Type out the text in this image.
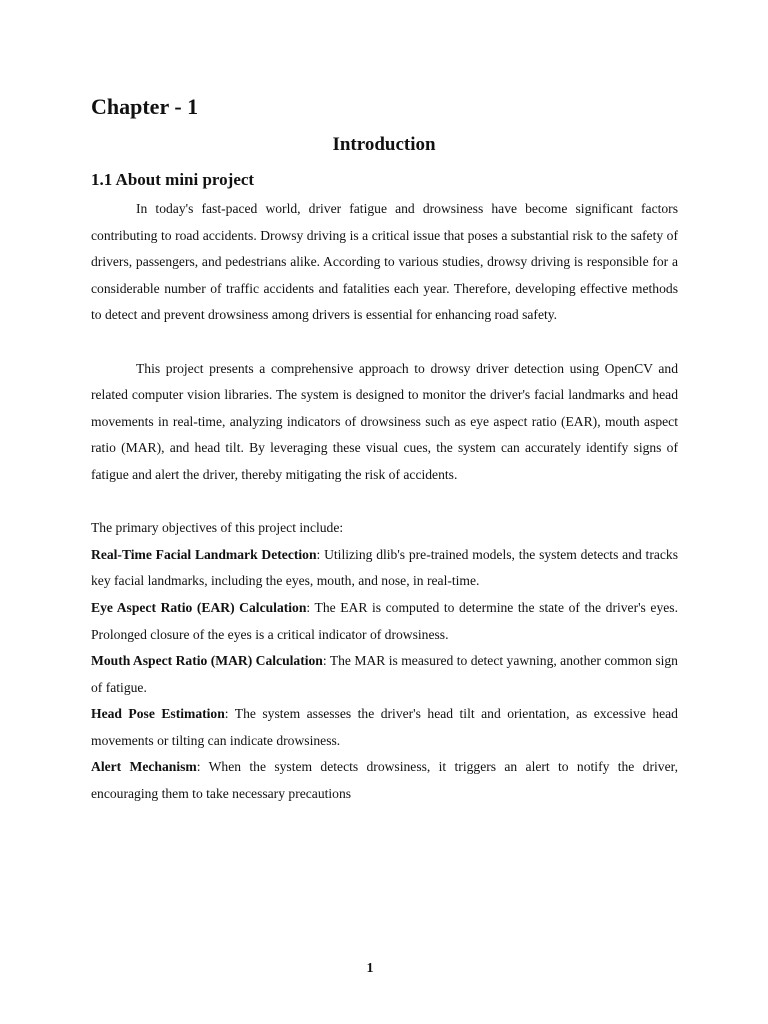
Chapter - 1
Introduction
1.1 About mini project

In today's fast-paced world, driver fatigue and drowsiness have become significant factors contributing to road accidents. Drowsy driving is a critical issue that poses a substantial risk to the safety of drivers, passengers, and pedestrians alike. According to various studies, drowsy driving is responsible for a considerable number of traffic accidents and fatalities each year. Therefore, developing effective methods to detect and prevent drowsiness among drivers is essential for enhancing road safety.

This project presents a comprehensive approach to drowsy driver detection using OpenCV and related computer vision libraries. The system is designed to monitor the driver's facial landmarks and head movements in real-time, analyzing indicators of drowsiness such as eye aspect ratio (EAR), mouth aspect ratio (MAR), and head tilt. By leveraging these visual cues, the system can accurately identify signs of fatigue and alert the driver, thereby mitigating the risk of accidents.

The primary objectives of this project include:

Real-Time Facial Landmark Detection: Utilizing dlib's pre-trained models, the system detects and tracks key facial landmarks, including the eyes, mouth, and nose, in real-time.

Eye Aspect Ratio (EAR) Calculation: The EAR is computed to determine the state of the driver's eyes. Prolonged closure of the eyes is a critical indicator of drowsiness.

Mouth Aspect Ratio (MAR) Calculation: The MAR is measured to detect yawning, another common sign of fatigue.

Head Pose Estimation: The system assesses the driver's head tilt and orientation, as excessive head movements or tilting can indicate drowsiness.

Alert Mechanism: When the system detects drowsiness, it triggers an alert to notify the driver, encouraging them to take necessary precautions

1
